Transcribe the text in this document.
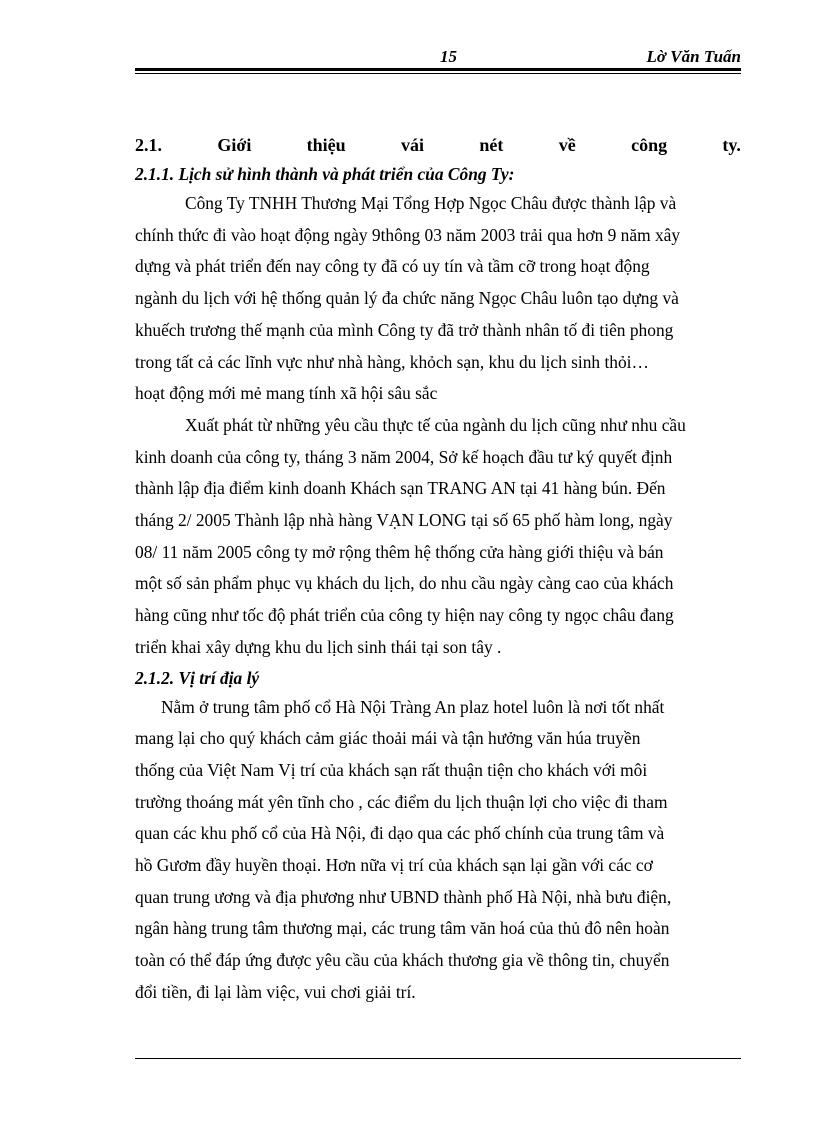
15	Lờ Văn Tuấn
2.1.	Giới	thiệu	vái	nét	về	công	ty.
2.1.1. Lịch sử hình thành và phát triển của Công Ty:
Công Ty TNHH Thương Mại Tổng Hợp Ngọc Châu được thành lập và
chính thức đi vào hoạt động ngày 9thông 03 năm 2003 trải qua hơn 9 năm xây
dựng và phát triển đến nay công ty đã có uy tín và tầm cỡ trong hoạt động
ngành du lịch với hệ thống quản lý đa chức năng Ngọc Châu luôn tạo dựng và
khuếch trương thế mạnh của mình Công ty đã trở thành nhân tố đi tiên phong
trong tất cả các lĩnh vực như nhà hàng, khỏch sạn, khu du lịch sinh thỏi…
hoạt động mới mẻ mang tính xã hội sâu sắc
Xuất phát từ những yêu cầu thực tế của ngành du lịch cũng như nhu cầu
kinh doanh của công ty, tháng 3 năm 2004, Sở kế hoạch đầu tư ký quyết định
thành lập địa điểm kinh doanh Khách sạn TRANG AN tại 41 hàng bún. Đến
tháng 2/ 2005 Thành lập nhà hàng VẠN LONG tại số 65 phố hàm long, ngày
08/ 11 năm 2005 công ty mở rộng thêm hệ thống cửa hàng giới thiệu và bán
một số sản phẩm phục vụ khách du lịch, do nhu cầu ngày càng cao của khách
hàng cũng như tốc độ phát triển của công ty hiện nay công ty ngọc châu đang
triển khai xây dựng khu du lịch sinh thái tại son tây .
2.1.2. Vị trí địa lý
Nằm ở trung tâm phố cổ Hà Nội Tràng An plaz hotel luôn là nơi tốt nhất
mang lại cho quý khách cảm giác thoải mái và tận hưởng văn húa truyền
thống của Việt Nam Vị trí của khách sạn rất thuận tiện cho khách với môi
trường thoáng mát yên tĩnh cho , các điểm du lịch thuận lợi cho việc đi tham
quan các khu phố cổ của Hà Nội, đi dạo qua các phố chính của trung tâm và
hồ Gươm đầy huyền thoại. Hơn nữa vị trí của khách sạn lại gần với các cơ
quan trung ương và địa phương như UBND thành phố Hà Nội, nhà bưu điện,
ngân hàng trung tâm thương mại, các trung tâm văn hoá của thủ đô nên hoàn
toàn có thể đáp ứng được yêu cầu của khách thương gia về thông tin, chuyển
đổi tiền, đi lại làm việc, vui chơi giải trí.
